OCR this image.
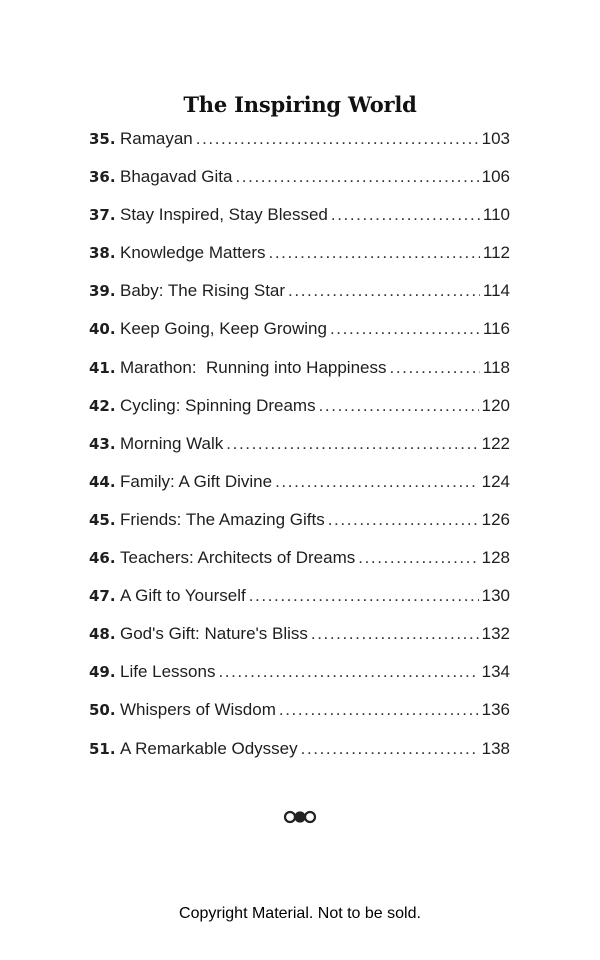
The Inspiring World
35. Ramayan .....	103
36. Bhagavad Gita .....	106
37. Stay Inspired, Stay Blessed .....	110
38. Knowledge Matters .....	112
39. Baby: The Rising Star .....	114
40. Keep Going, Keep Growing .....	116
41. Marathon:  Running into Happiness .....	118
42. Cycling: Spinning Dreams .....	120
43. Morning Walk .....	122
44. Family: A Gift Divine .....	124
45. Friends: The Amazing Gifts .....	126
46. Teachers: Architects of Dreams .....	128
47. A Gift to Yourself .....	130
48. God's Gift: Nature's Bliss .....	132
49. Life Lessons .....	134
50. Whispers of Wisdom .....	136
51. A Remarkable Odyssey .....	138
Copyright Material. Not to be sold.
